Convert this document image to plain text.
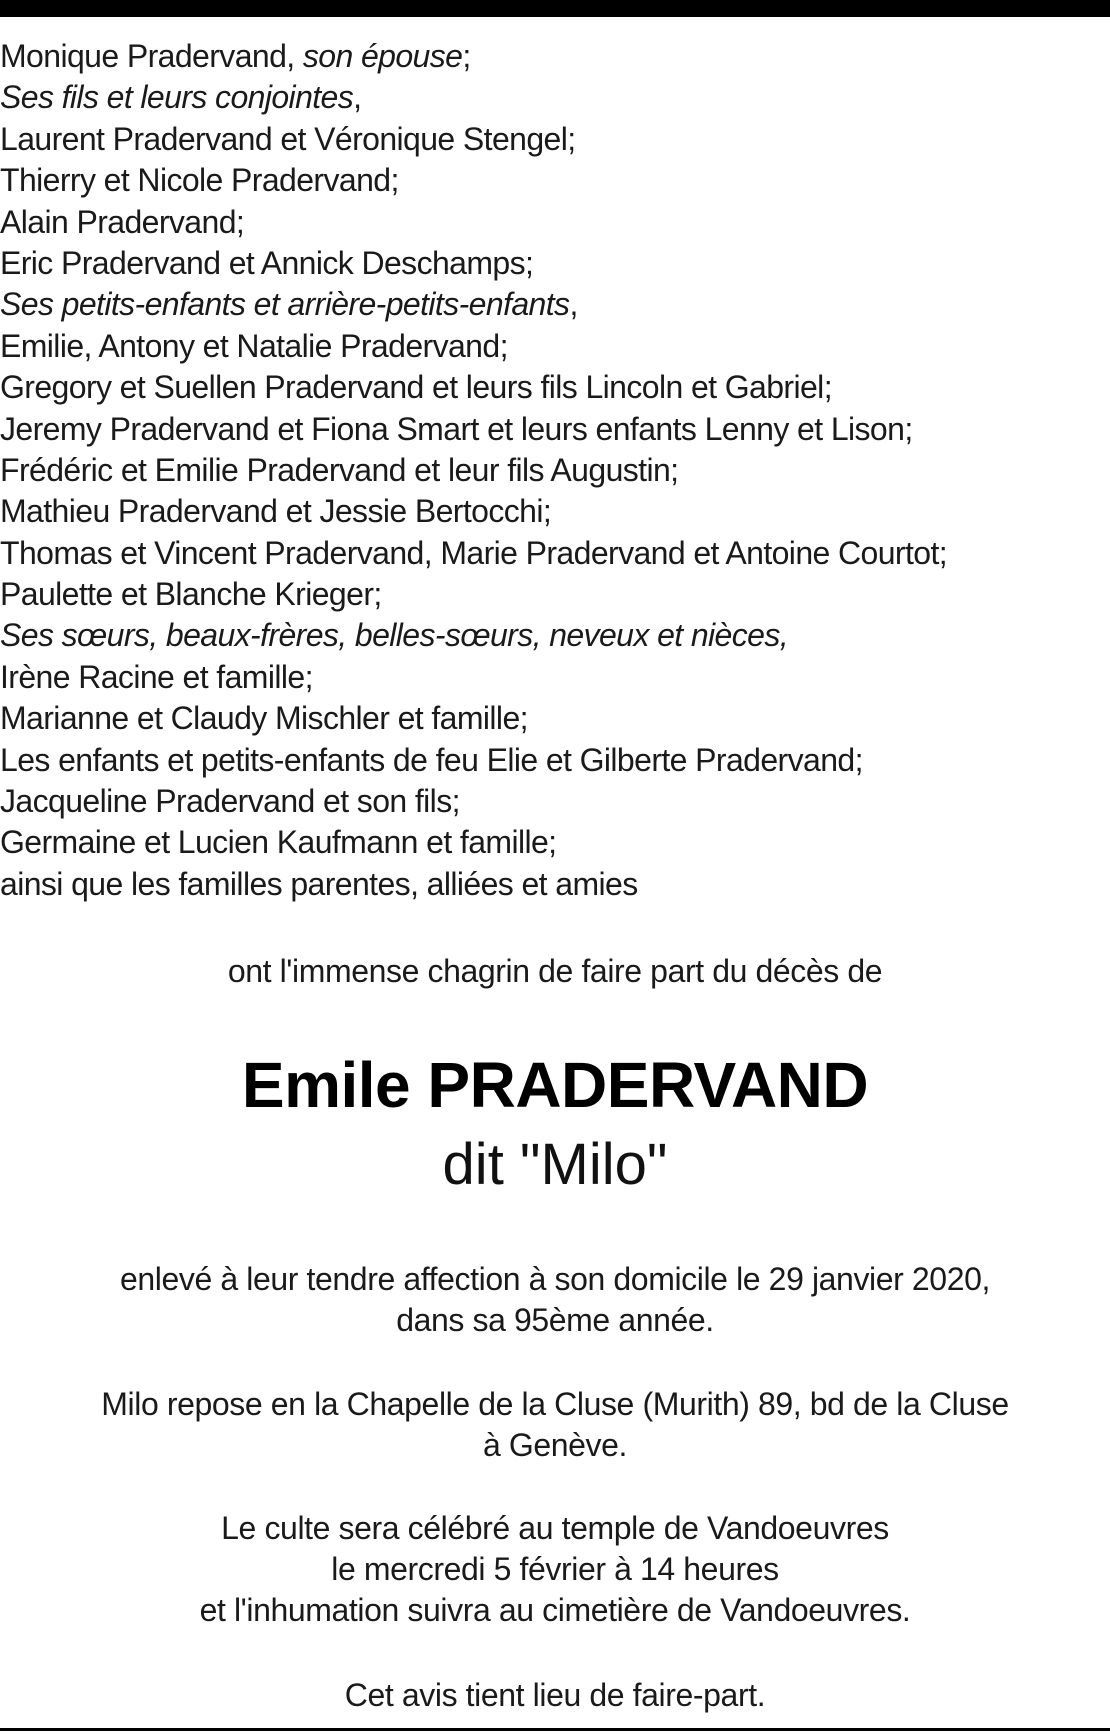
Monique Pradervand, son épouse;
Ses fils et leurs conjointes,
Laurent Pradervand et Véronique Stengel;
Thierry et Nicole Pradervand;
Alain Pradervand;
Eric Pradervand et Annick Deschamps;
Ses petits-enfants et arrière-petits-enfants,
Emilie, Antony et Natalie Pradervand;
Gregory et Suellen Pradervand et leurs fils Lincoln et Gabriel;
Jeremy Pradervand et Fiona Smart et leurs enfants Lenny et Lison;
Frédéric et Emilie Pradervand et leur fils Augustin;
Mathieu Pradervand et Jessie Bertocchi;
Thomas et Vincent Pradervand, Marie Pradervand et Antoine Courtot;
Paulette et Blanche Krieger;
Ses sœurs, beaux-frères, belles-sœurs, neveux et nièces,
Irène Racine et famille;
Marianne et Claudy Mischler et famille;
Les enfants et petits-enfants de feu Elie et Gilberte Pradervand;
Jacqueline Pradervand et son fils;
Germaine et Lucien Kaufmann et famille;
ainsi que les familles parentes, alliées et amies
ont l'immense chagrin de faire part du décès de
Emile PRADERVAND
dit "Milo"
enlevé à leur tendre affection à son domicile le 29 janvier 2020,
dans sa 95ème année.
Milo repose en la Chapelle de la Cluse (Murith) 89, bd de la Cluse
à Genève.
Le culte sera célébré au temple de Vandoeuvres
le mercredi 5 février à 14 heures
et l'inhumation suivra au cimetière de Vandoeuvres.
Cet avis tient lieu de faire-part.
